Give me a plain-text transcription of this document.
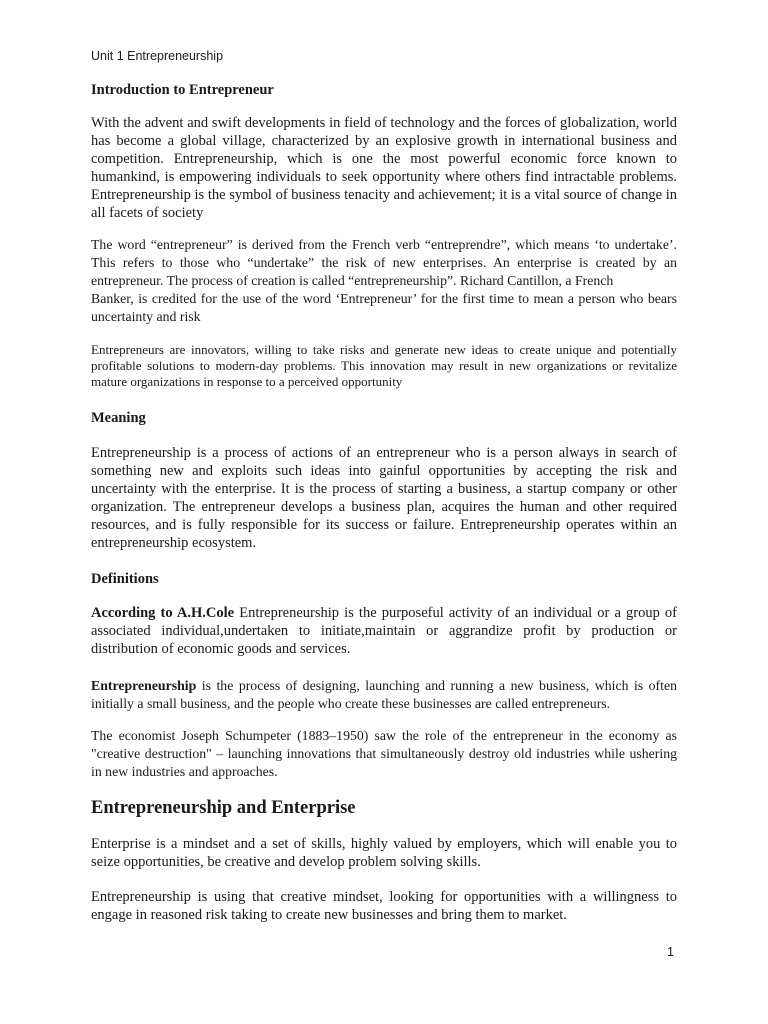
Unit 1 Entrepreneurship
Introduction to Entrepreneur

With the advent and swift developments in field of technology and the forces of globalization, world has become a global village, characterized by an explosive growth in international business and competition. Entrepreneurship, which is one the most powerful economic force known to humankind, is empowering individuals to seek opportunity where others find intractable problems. Entrepreneurship is the symbol of business tenacity and achievement; it is a vital source of change in all facets of society

The word “entrepreneur” is derived from the French verb “entreprendre”, which means ‘to undertake’. This refers to those who “undertake” the risk of new enterprises. An enterprise is created by an entrepreneur. The process of creation is called “entrepreneurship”. Richard Cantillon, a French

Banker, is credited for the use of the word ‘Entrepreneur’ for the first time to mean a person who bears uncertainty and risk

Entrepreneurs are innovators, willing to take risks and generate new ideas to create unique and potentially profitable solutions to modern-day problems. This innovation may result in new organizations or revitalize mature organizations in response to a perceived opportunity

Meaning

Entrepreneurship is a process of actions of an entrepreneur who is a person always in search of something new and exploits such ideas into gainful opportunities by accepting the risk and uncertainty with the enterprise. It is the process of starting a business, a startup company or other organization. The entrepreneur develops a business plan, acquires the human and other required resources, and is fully responsible for its success or failure. Entrepreneurship operates within an entrepreneurship ecosystem.

Definitions

According to A.H.Cole Entrepreneurship is the purposeful activity of an individual or a group of associated individual,undertaken to initiate,maintain or aggrandize profit by production or distribution of economic goods and services.

Entrepreneurship is the process of designing, launching and running a new business, which is often initially a small business, and the people who create these businesses are called entrepreneurs.

The economist Joseph Schumpeter (1883–1950) saw the role of the entrepreneur in the economy as "creative destruction" – launching innovations that simultaneously destroy old industries while ushering in new industries and approaches.

Entrepreneurship and Enterprise

Enterprise is a mindset and a set of skills, highly valued by employers, which will enable you to seize opportunities, be creative and develop problem solving skills.

Entrepreneurship is using that creative mindset, looking for opportunities with a willingness to engage in reasoned risk taking to create new businesses and bring them to market.

1
